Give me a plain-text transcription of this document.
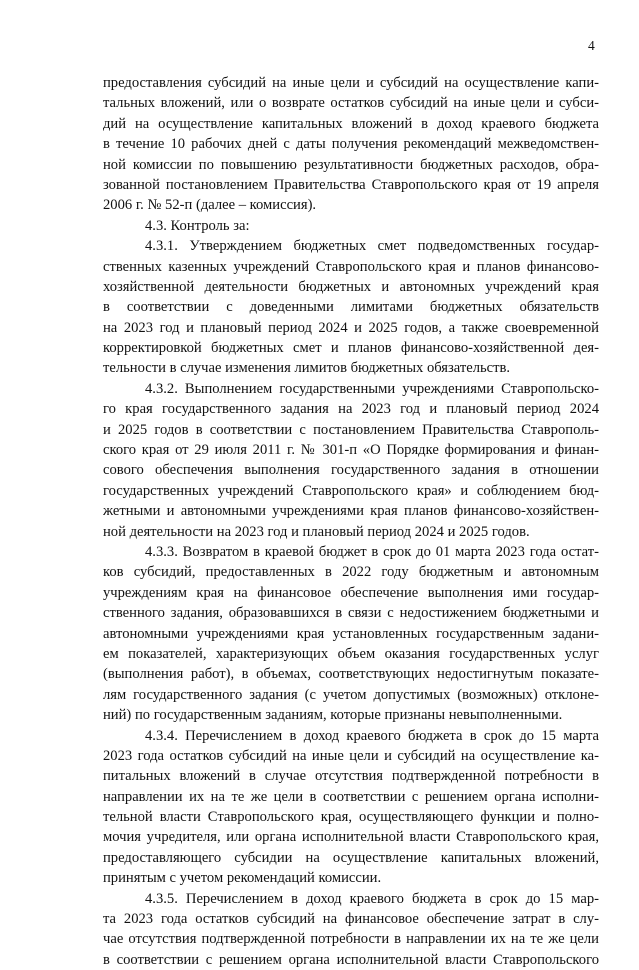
4
предоставления субсидий на иные цели и субсидий на осуществление капи-
тальных вложений, или о возврате остатков субсидий на иные цели и субси-
дий на осуществление капитальных вложений в доход краевого бюджета
в течение 10 рабочих дней с даты получения рекомендаций межведомствен-
ной комиссии по повышению результативности бюджетных расходов, обра-
зованной постановлением Правительства Ставропольского края от 19 апреля
2006 г. № 52-п (далее – комиссия).
4.3. Контроль за:
4.3.1. Утверждением бюджетных смет подведомственных государ-
ственных казенных учреждений Ставропольского края и планов финансово-
хозяйственной деятельности бюджетных и автономных учреждений края
в соответствии с доведенными лимитами бюджетных обязательств
на 2023 год и плановый период 2024 и 2025 годов, а также своевременной
корректировкой бюджетных смет и планов финансово-хозяйственной дея-
тельности в случае изменения лимитов бюджетных обязательств.
4.3.2. Выполнением государственными учреждениями Ставропольско-
го края государственного задания на 2023 год и плановый период 2024
и 2025 годов в соответствии с постановлением Правительства Ставрополь-
ского края от 29 июля 2011 г. № 301-п «О Порядке формирования и финан-
сового обеспечения выполнения государственного задания в отношении
государственных учреждений Ставропольского края» и соблюдением бюд-
жетными и автономными учреждениями края планов финансово-хозяйствен-
ной деятельности на 2023 год и плановый период 2024 и 2025 годов.
4.3.3. Возвратом в краевой бюджет в срок до 01 марта 2023 года остат-
ков субсидий, предоставленных в 2022 году бюджетным и автономным
учреждениям края на финансовое обеспечение выполнения ими государ-
ственного задания, образовавшихся в связи с недостижением бюджетными и
автономными учреждениями края установленных государственным задани-
ем показателей, характеризующих объем оказания государственных услуг
(выполнения работ), в объемах, соответствующих недостигнутым показате-
лям государственного задания (с учетом допустимых (возможных) отклоне-
ний) по государственным заданиям, которые признаны невыполненными.
4.3.4. Перечислением в доход краевого бюджета в срок до 15 марта
2023 года остатков субсидий на иные цели и субсидий на осуществление ка-
питальных вложений в случае отсутствия подтвержденной потребности в
направлении их на те же цели в соответствии с решением органа исполни-
тельной власти Ставропольского края, осуществляющего функции и полно-
мочия учредителя, или органа исполнительной власти Ставропольского края,
предоставляющего субсидии на осуществление капитальных вложений,
принятым с учетом рекомендаций комиссии.
4.3.5. Перечислением в доход краевого бюджета в срок до 15 мар-
та 2023 года остатков субсидий на финансовое обеспечение затрат в слу-
чае отсутствия подтвержденной потребности в направлении их на те же цели
в соответствии с решением органа исполнительной власти Ставропольского
